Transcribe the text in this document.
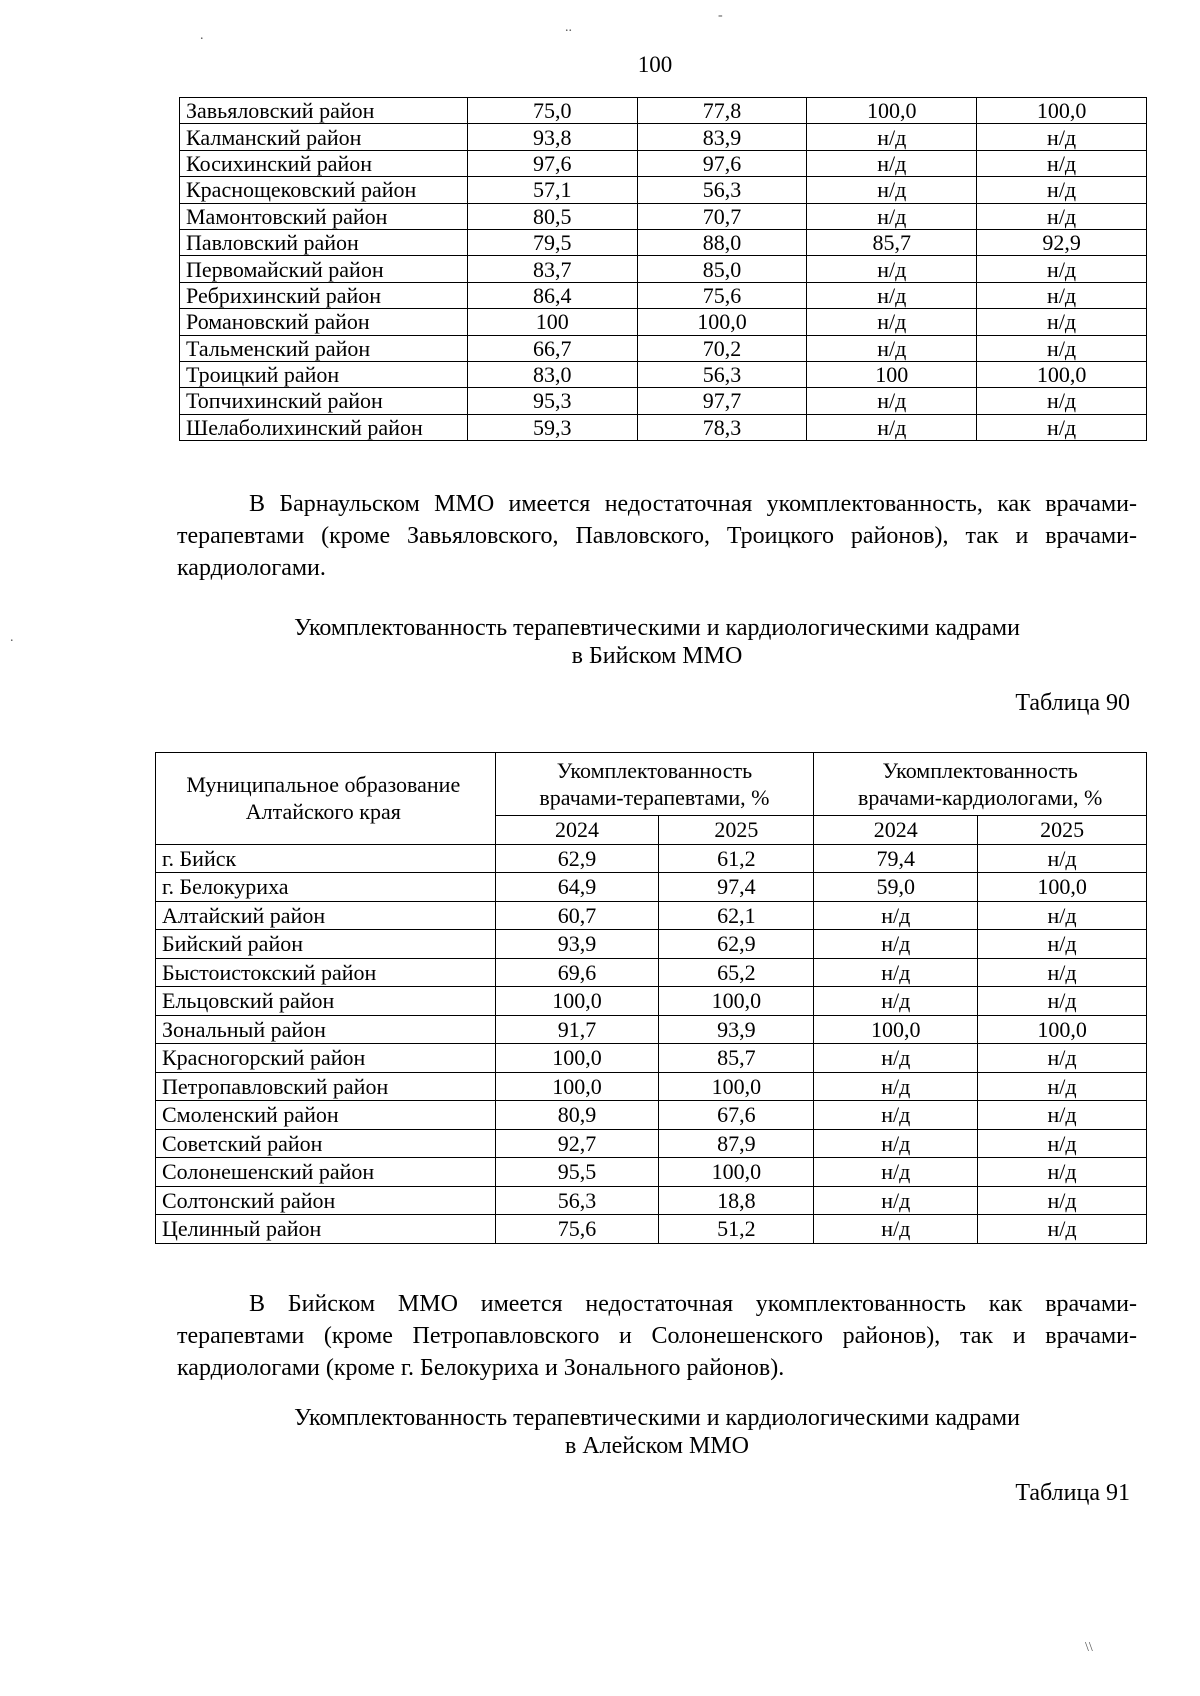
.
..
-
.
\\
100
Завьяловский район	75,0	77,8	100,0	100,0
Калманский район	93,8	83,9	н/д	н/д
Косихинский район	97,6	97,6	н/д	н/д
Краснощековский район	57,1	56,3	н/д	н/д
Мамонтовский район	80,5	70,7	н/д	н/д
Павловский район	79,5	88,0	85,7	92,9
Первомайский район	83,7	85,0	н/д	н/д
Ребрихинский район	86,4	75,6	н/д	н/д
Романовский район	100	100,0	н/д	н/д
Тальменский район	66,7	70,2	н/д	н/д
Троицкий район	83,0	56,3	100	100,0
Топчихинский район	95,3	97,7	н/д	н/д
Шелаболихинский район	59,3	78,3	н/д	н/д
В Барнаульском ММО имеется недостаточная укомплектованность, как врачами-терапевтами (кроме Завьяловского, Павловского, Троицкого районов), так и врачами-кардиологами.
Укомплектованность терапевтическими и кардиологическими кадрами
в Бийском ММО
Таблица 90
Муниципальное образование Алтайского края	Укомплектованность врачами-терапевтами, %		Укомплектованность врачами-кардиологами, %	
	2024	2025	2024	2025
г. Бийск	62,9	61,2	79,4	н/д
г. Белокуриха	64,9	97,4	59,0	100,0
Алтайский район	60,7	62,1	н/д	н/д
Бийский район	93,9	62,9	н/д	н/д
Быстоистокский район	69,6	65,2	н/д	н/д
Ельцовский район	100,0	100,0	н/д	н/д
Зональный район	91,7	93,9	100,0	100,0
Красногорский район	100,0	85,7	н/д	н/д
Петропавловский район	100,0	100,0	н/д	н/д
Смоленский район	80,9	67,6	н/д	н/д
Советский район	92,7	87,9	н/д	н/д
Солонешенский район	95,5	100,0	н/д	н/д
Солтонский район	56,3	18,8	н/д	н/д
Целинный район	75,6	51,2	н/д	н/д
В Бийском ММО имеется недостаточная укомплектованность как врачами-терапевтами (кроме Петропавловского и Солонешенского районов), так и врачами-кардиологами (кроме г. Белокуриха и Зонального районов).
Укомплектованность терапевтическими и кардиологическими кадрами
в Алейском ММО
Таблица 91
